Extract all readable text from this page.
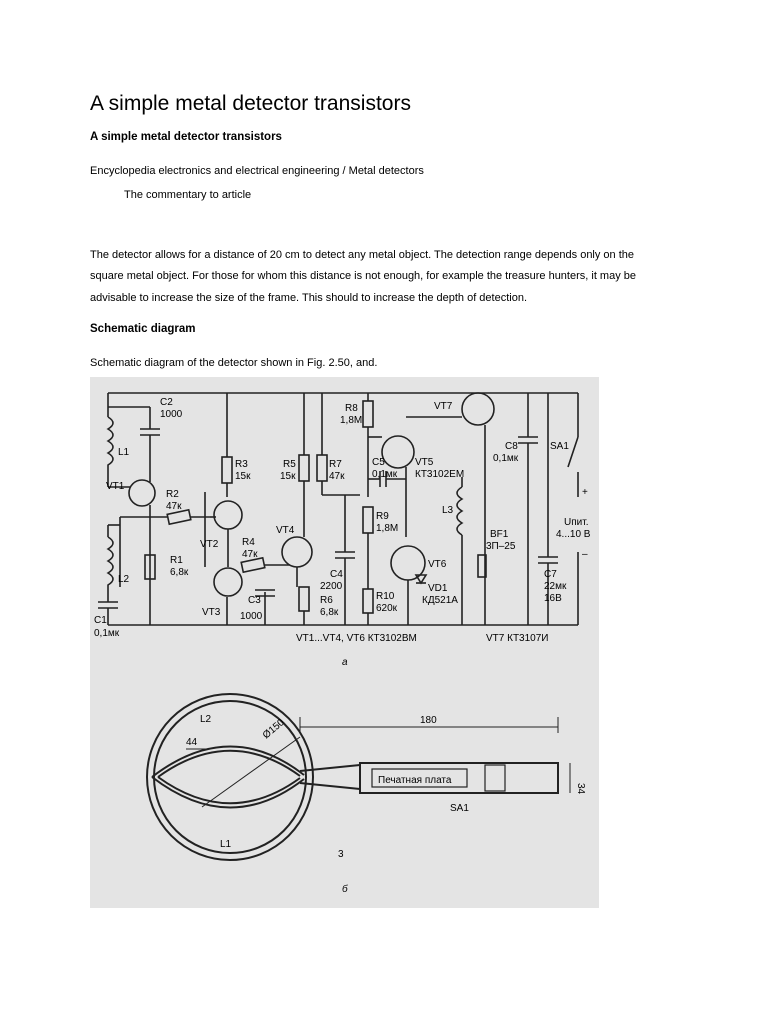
A simple metal detector transistors
A simple metal detector transistors

Encyclopedia electronics and electrical engineering / Metal detectors

The commentary to article

The detector allows for a distance of 20 cm to detect any metal object. The detection range depends only on the

square metal object. For those for whom this distance is not enough, for example the treasure hunters, it may be

advisable to increase the size of the frame. This should to increase the depth of detection.

Schematic diagram

Schematic diagram of the detector shown in Fig. 2.50, and.

C2
1000
L1
VT1
R2
47к
R3
15к
R5
15к
R7
47к
R8
1,8М
VT7
C5
0,1мк
VT5
КТ3102ЕМ
C8
0,1мк
SA1
VT2 R4
47к
VT4
R9
1,8М
L3
BF1
3П–25
Uпит.
4...10 В
+
–
L2
R1
6,8к	C4
2200
VT6
VD1
КД521А
C7
22мк
16В
R6
6,8к
R10
620к
VT3
C3
1000
C1
0,1мк	VT1...VT4, VT6 КТ3102ВМ	VT7 КТ3107И
а
L2
44
Ø150	180
34
Печатная плата
SA1
L1
3
б
